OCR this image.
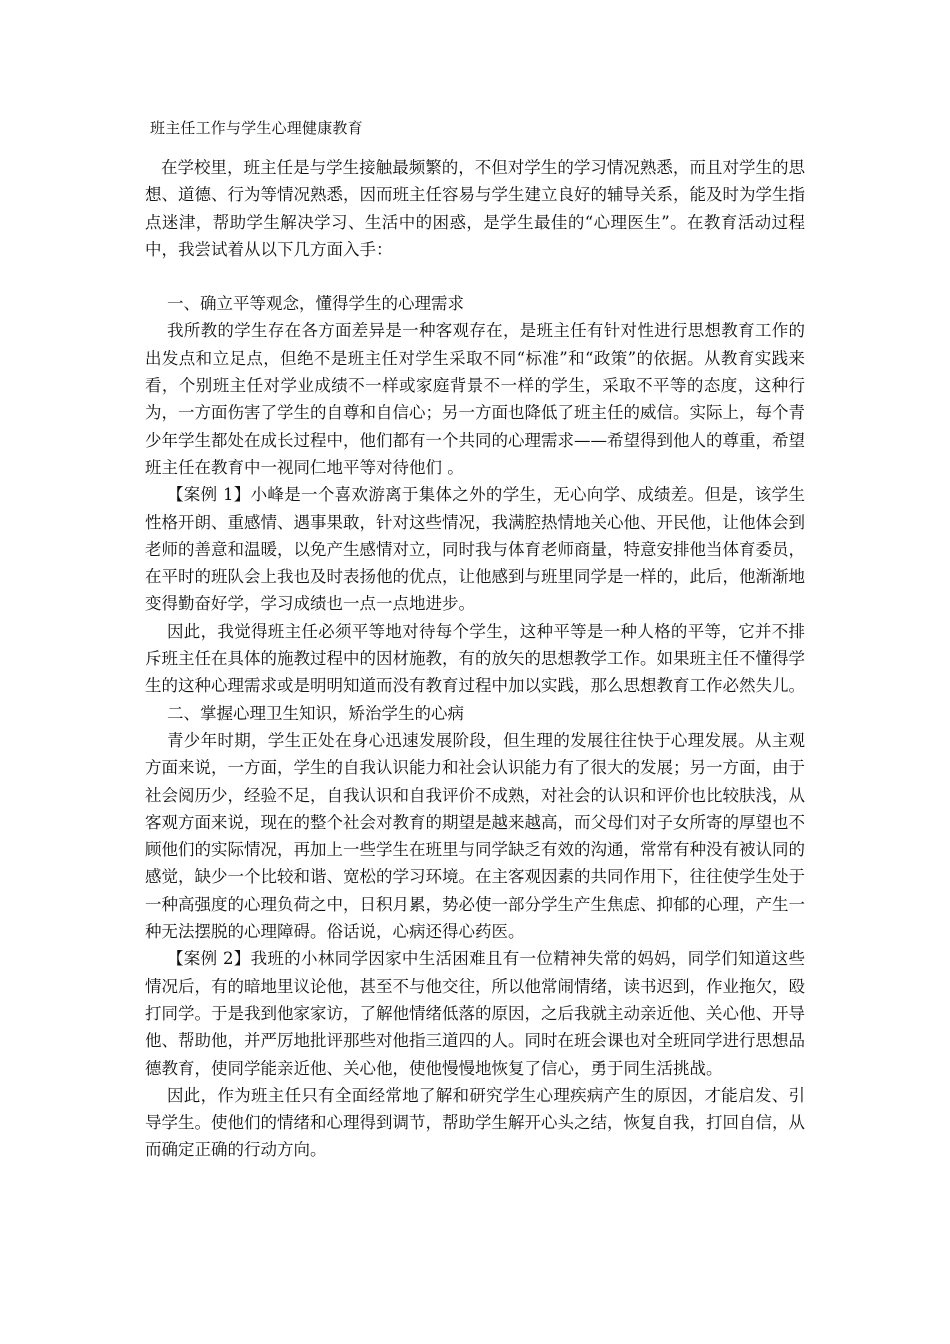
班主任工作与学生心理健康教育

在学校里，班主任是与学生接触最频繁的，不但对学生的学习情况熟悉，而且对学生的思想、道德、行为等情况熟悉，因而班主任容易与学生建立良好的辅导关系，能及时为学生指点迷津，帮助学生解决学习、生活中的困惑，是学生最佳的“心理医生”。在教育活动过程中，我尝试着从以下几方面入手：

一、确立平等观念，懂得学生的心理需求

我所教的学生存在各方面差异是一种客观存在，是班主任有针对性进行思想教育工作的出发点和立足点，但绝不是班主任对学生采取不同“标准”和“政策”的依据。从教育实践来看，个别班主任对学业成绩不一样或家庭背景不一样的学生，采取不平等的态度，这种行为，一方面伤害了学生的自尊和自信心；另一方面也降低了班主任的威信。实际上，每个青少年学生都处在成长过程中，他们都有一个共同的心理需求——希望得到他人的尊重，希望班主任在教育中一视同仁地平等对待他们 。

【案例 1】小峰是一个喜欢游离于集体之外的学生，无心向学、成绩差。但是，该学生性格开朗、重感情、遇事果敢，针对这些情况，我满腔热情地关心他、开民他，让他体会到老师的善意和温暖，以免产生感情对立，同时我与体育老师商量，特意安排他当体育委员，在平时的班队会上我也及时表扬他的优点，让他感到与班里同学是一样的，此后，他渐渐地变得勤奋好学，学习成绩也一点一点地进步。

因此，我觉得班主任必须平等地对待每个学生，这种平等是一种人格的平等，它并不排斥班主任在具体的施教过程中的因材施教，有的放矢的思想教学工作。如果班主任不懂得学生的这种心理需求或是明明知道而没有教育过程中加以实践，那么思想教育工作必然失儿。

二、掌握心理卫生知识，矫治学生的心病

青少年时期，学生正处在身心迅速发展阶段，但生理的发展往往快于心理发展。从主观方面来说，一方面，学生的自我认识能力和社会认识能力有了很大的发展；另一方面，由于社会阅历少，经验不足，自我认识和自我评价不成熟，对社会的认识和评价也比较肤浅，从客观方面来说，现在的整个社会对教育的期望是越来越高，而父母们对子女所寄的厚望也不顾他们的实际情况，再加上一些学生在班里与同学缺乏有效的沟通，常常有种没有被认同的感觉，缺少一个比较和谐、宽松的学习环境。在主客观因素的共同作用下，往往使学生处于一种高强度的心理负荷之中，日积月累，势必使一部分学生产生焦虑、抑郁的心理，产生一种无法摆脱的心理障碍。俗话说，心病还得心药医。

【案例 2】我班的小林同学因家中生活困难且有一位精神失常的妈妈，同学们知道这些情况后，有的暗地里议论他，甚至不与他交往，所以他常闹情绪，读书迟到，作业拖欠，殴打同学。于是我到他家家访，了解他情绪低落的原因，之后我就主动亲近他、关心他、开导他、帮助他，并严厉地批评那些对他指三道四的人。同时在班会课也对全班同学进行思想品德教育，使同学能亲近他、关心他，使他慢慢地恢复了信心，勇于同生活挑战。

因此，作为班主任只有全面经常地了解和研究学生心理疾病产生的原因，才能启发、引导学生。使他们的情绪和心理得到调节，帮助学生解开心头之结，恢复自我，打回自信，从而确定正确的行动方向。
